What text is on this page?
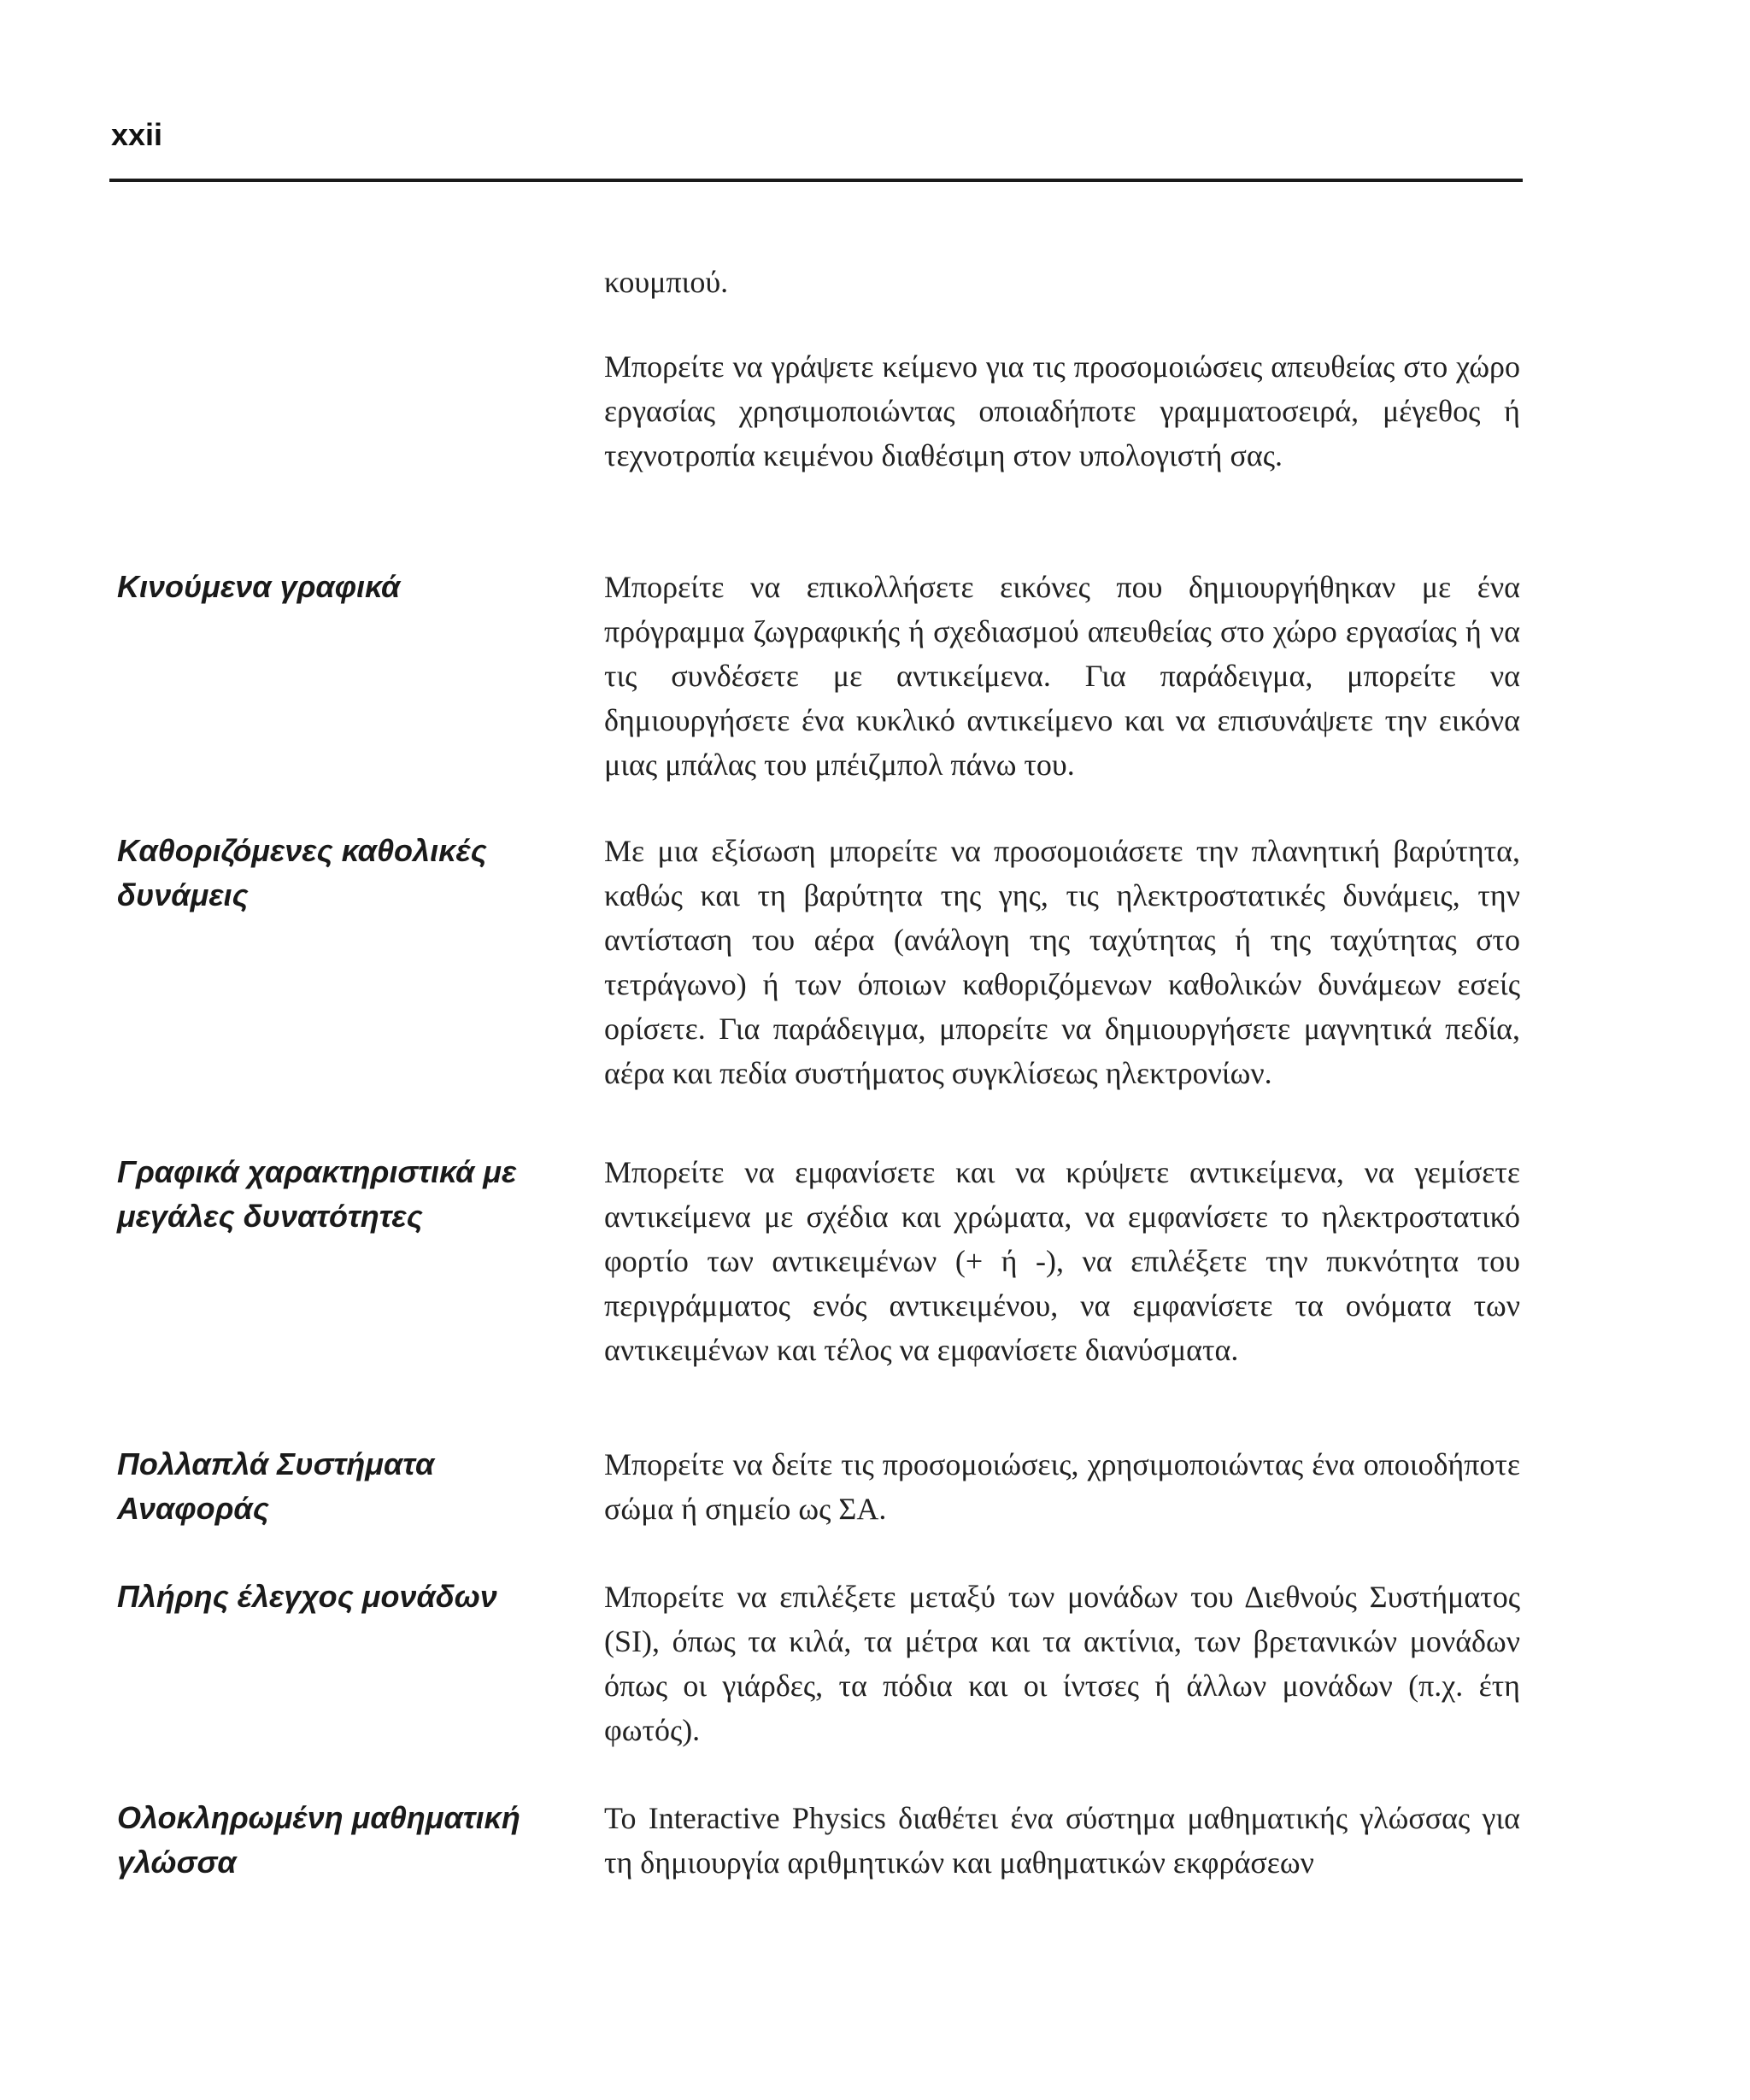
xxii

κουμπιού.

Μπορείτε να γράψετε κείμενο για τις προσομοιώσεις απευθείας στο χώρο εργασίας χρησιμοποιώντας οποιαδήποτε γραμματοσειρά, μέγεθος ή τεχνοτροπία κειμένου διαθέσιμη στον υπολογιστή σας.

Κινούμενα γραφικά	Μπορείτε να επικολλήσετε εικόνες που δημιουργήθηκαν με ένα πρόγραμμα ζωγραφικής ή σχεδιασμού απευθείας στο χώρο εργασίας ή να τις συνδέσετε με αντικείμενα. Για παράδειγμα, μπορείτε να δημιουργήσετε ένα κυκλικό αντικείμενο και να επισυνάψετε την εικόνα μιας μπάλας του μπέιζμπολ πάνω του.

Καθοριζόμενες καθολικές δυνάμεις

Με μια εξίσωση μπορείτε να προσομοιάσετε την πλανητική βαρύτητα, καθώς και τη βαρύτητα της γης, τις ηλεκτροστατικές δυνάμεις, την αντίσταση του αέρα (ανάλογη της ταχύτητας ή της ταχύτητας στο τετράγωνο) ή των όποιων καθοριζόμενων καθολικών δυνάμεων εσείς ορίσετε. Για παράδειγμα, μπορείτε να δημιουργήσετε μαγνητικά πεδία, αέρα και πεδία συστήματος συγκλίσεως ηλεκτρονίων.

Γραφικά χαρακτηριστικά με μεγάλες δυνατότητες

Μπορείτε να εμφανίσετε και να κρύψετε αντικείμενα, να γεμίσετε αντικείμενα με σχέδια και χρώματα, να εμφανίσετε το ηλεκτροστατικό φορτίο των αντικειμένων (+ ή -), να επιλέξετε την πυκνότητα του περιγράμματος ενός αντικειμένου, να εμφανίσετε τα ονόματα των αντικειμένων και τέλος να εμφανίσετε διανύσματα.

Πολλαπλά Συστήματα Αναφοράς

Μπορείτε να δείτε τις προσομοιώσεις, χρησιμοποιώντας ένα οποιοδήποτε σώμα ή σημείο ως ΣΑ.

Πλήρης έλεγχος μονάδων	Μπορείτε να επιλέξετε μεταξύ των μονάδων του Διεθνούς Συστήματος (SI), όπως τα κιλά, τα μέτρα και τα ακτίνια, των βρετανικών μονάδων όπως οι γιάρδες, τα πόδια και οι ίντσες ή άλλων μονάδων (π.χ. έτη φωτός).

Ολοκληρωμένη μαθηματική γλώσσα

Το Interactive Physics διαθέτει ένα σύστημα μαθηματικής γλώσσας για τη δημιουργία αριθμητικών και μαθηματικών εκφράσεων
